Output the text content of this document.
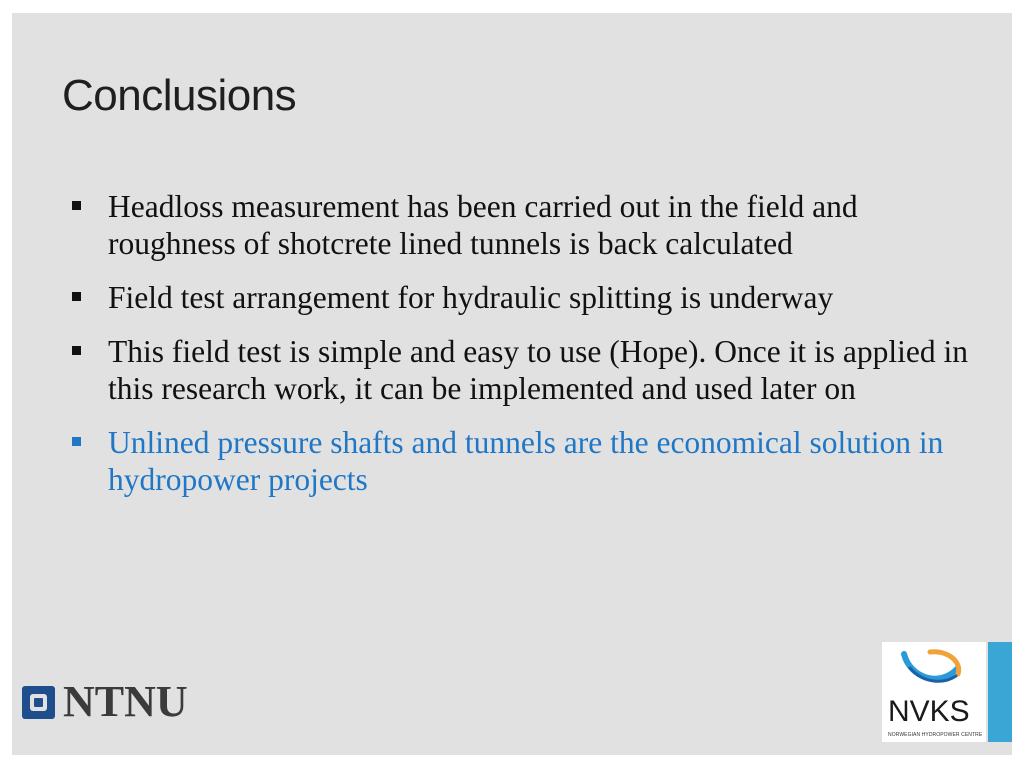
Conclusions
Headloss measurement has been carried out in the field and roughness of shotcrete lined tunnels is back calculated
Field test arrangement for hydraulic splitting is underway
This field test is simple and easy to use (Hope). Once it is applied in this research work, it can be implemented and used later on
Unlined pressure shafts and tunnels are the economical solution in hydropower projects
NTNU	NVKS
NORWEGIAN HYDROPOWER CENTRE
